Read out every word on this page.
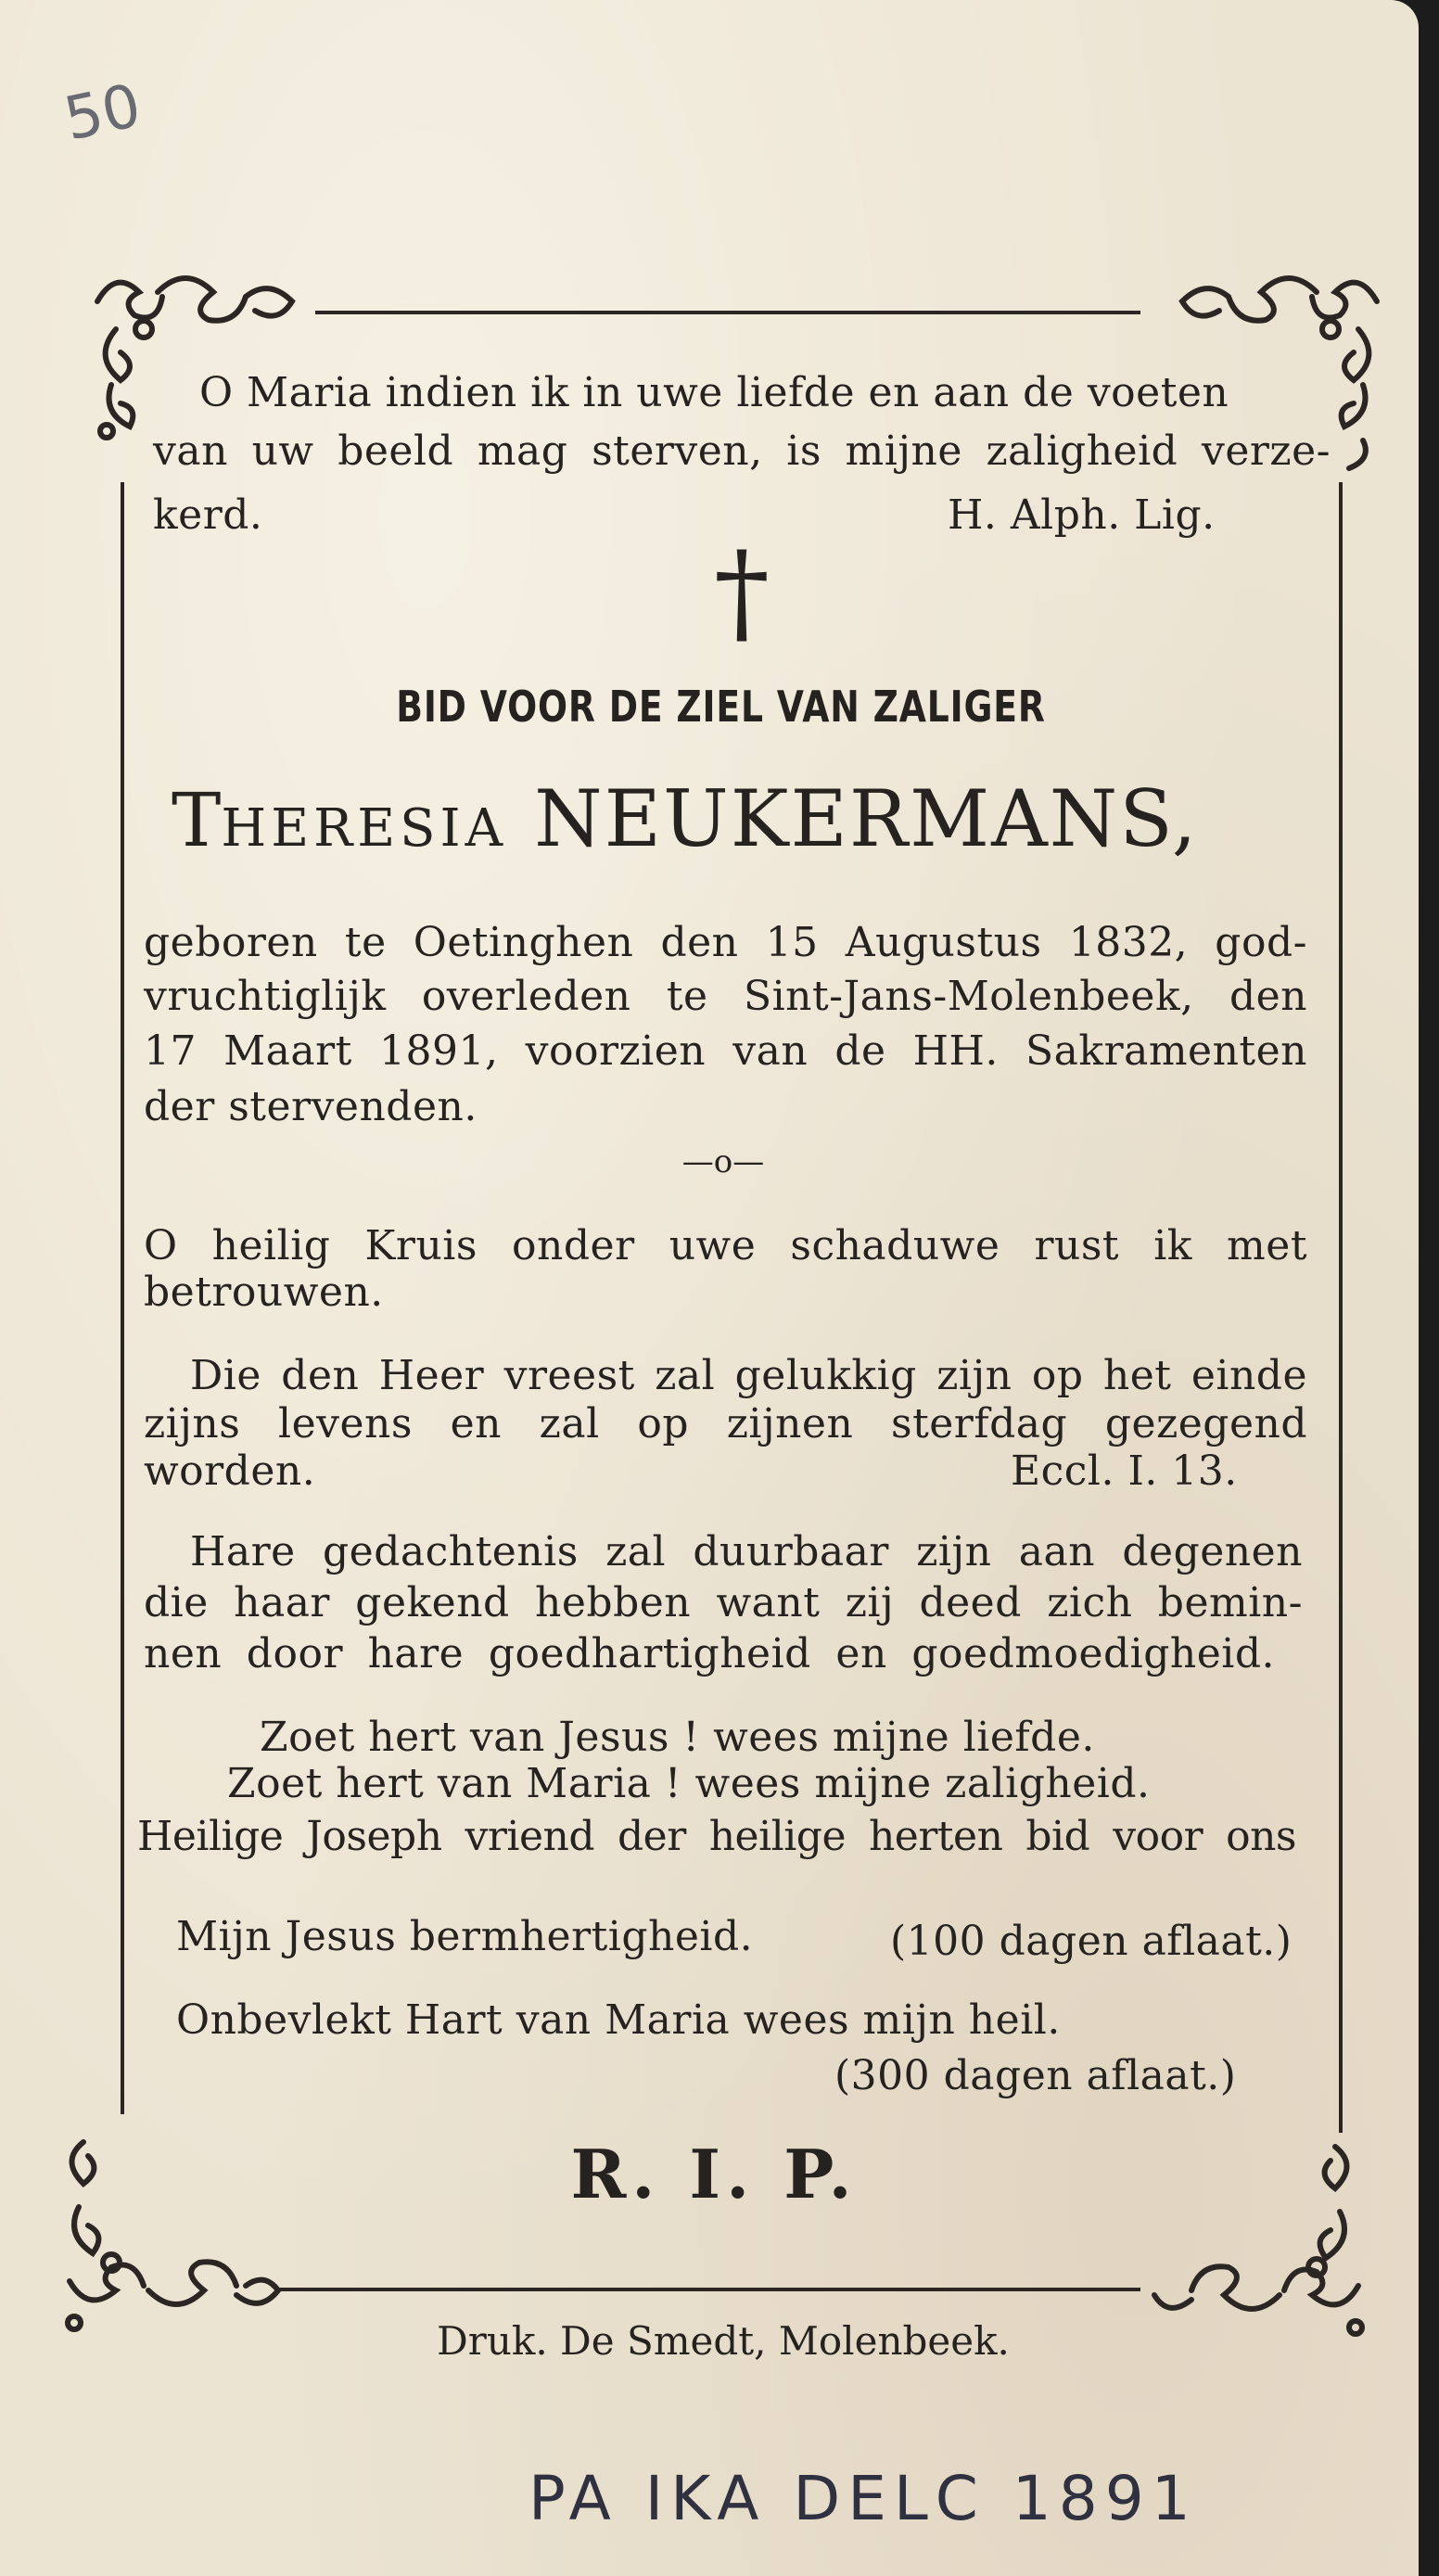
50
O Maria indien ik in uwe liefde en aan de voeten
van uw beeld mag sterven, is mijne zaligheid verze-
kerd.	H. Alph. Lig.
†
BID VOOR DE ZIEL VAN ZALIGER
THERESIA NEUKERMANS,
geboren te Oetinghen den 15 Augustus 1832, god-
vruchtiglijk overleden te Sint-Jans-Molenbeek, den
17 Maart 1891, voorzien van de HH. Sakramenten
der stervenden.
—o—
O heilig Kruis onder uwe schaduwe rust ik met
betrouwen.
Die den Heer vreest zal gelukkig zijn op het einde
zijns levens en zal op zijnen sterfdag gezegend
worden.	Eccl. I. 13.
Hare gedachtenis zal duurbaar zijn aan degenen
die haar gekend hebben want zij deed zich bemin-
nen door hare goedhartigheid en goedmoedigheid.
Zoet hert van Jesus ! wees mijne liefde.
Zoet hert van Maria ! wees mijne zaligheid.
Heilige Joseph vriend der heilige herten bid voor ons
Mijn Jesus bermhertigheid.	(100 dagen aflaat.)
Onbevlekt Hart van Maria wees mijn heil.
(300 dagen aflaat.)
R. I. P.
Druk. De Smedt, Molenbeek.
PA IKA DELC 1891
